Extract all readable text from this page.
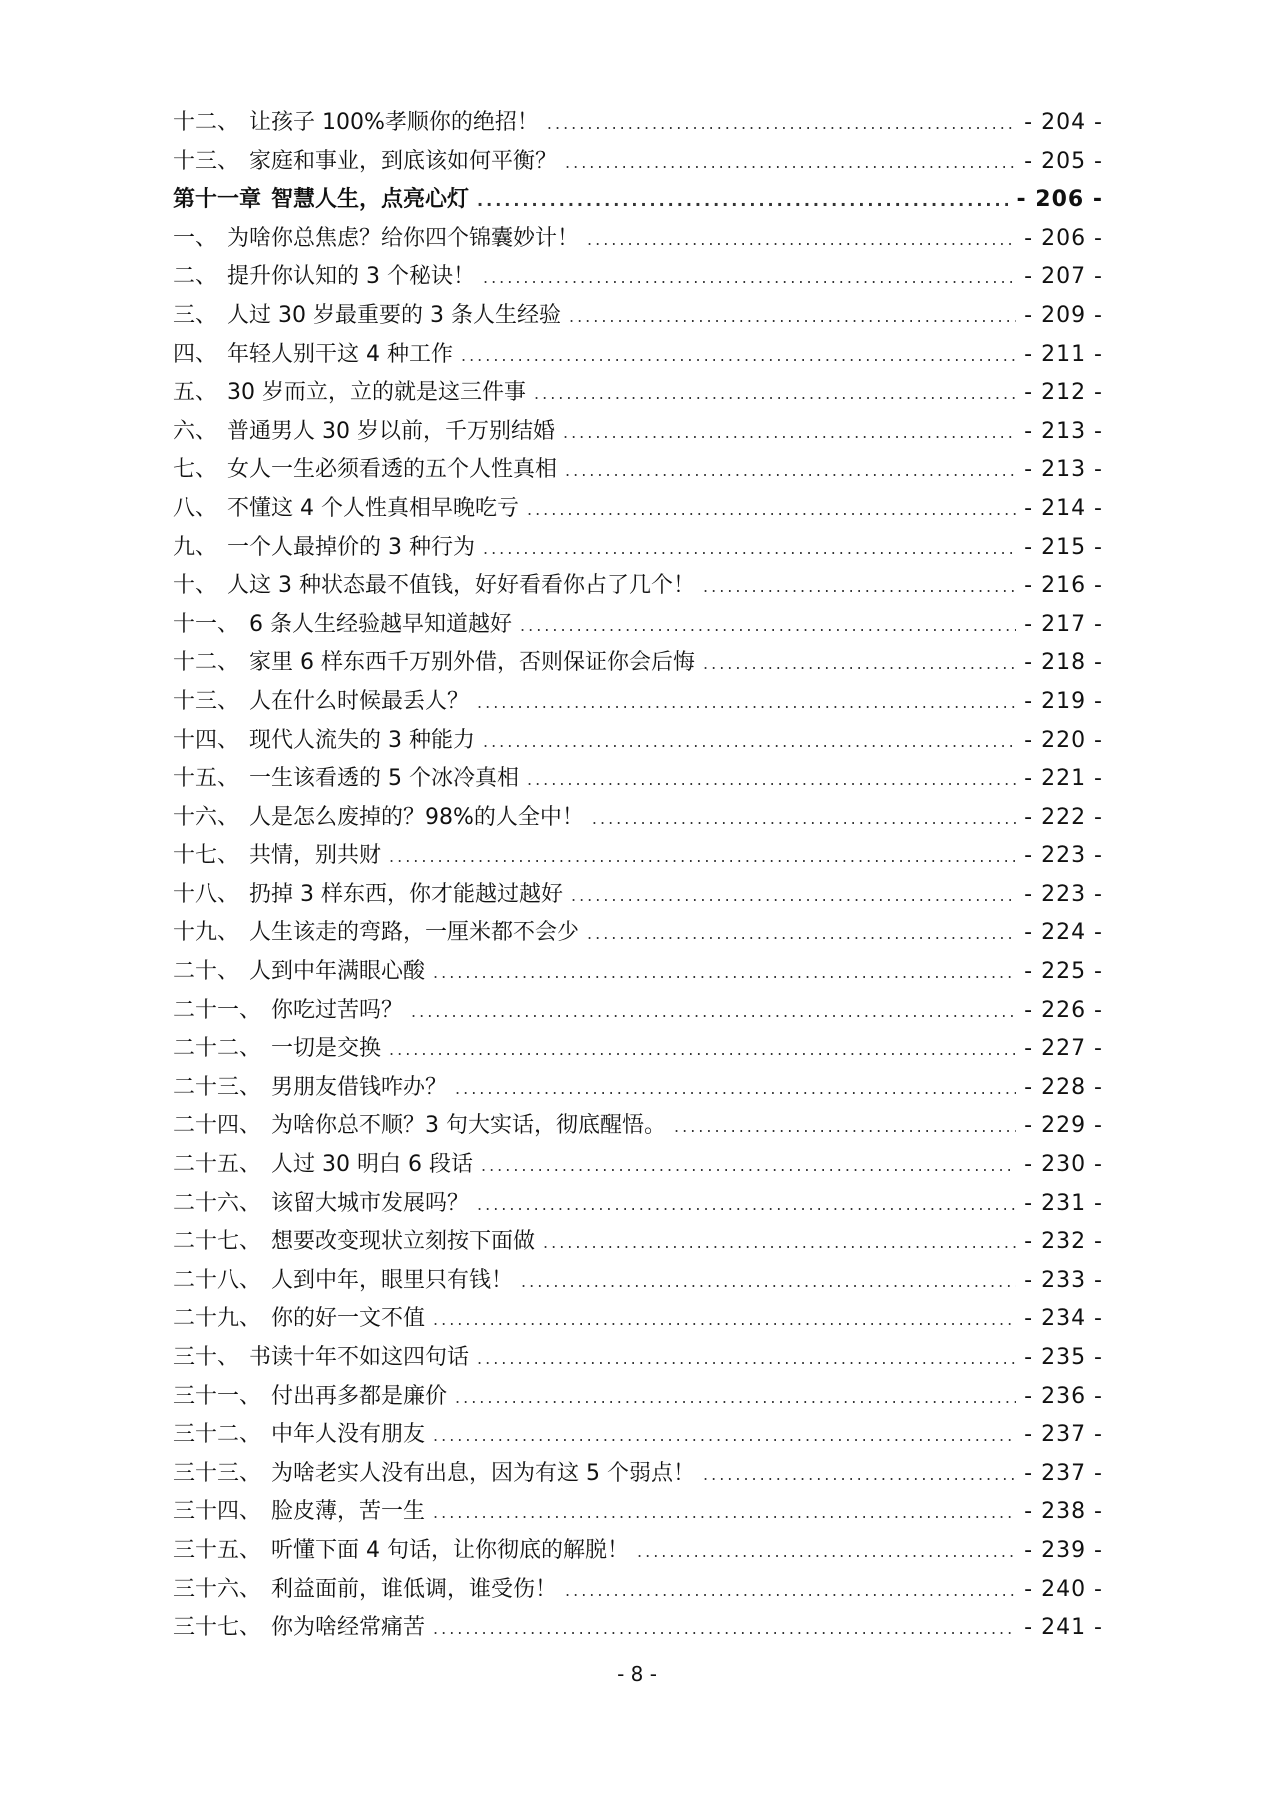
十二、 让孩子 100%孝顺你的绝招！ .....	- 204 -
十三、 家庭和事业，到底该如何平衡？ .....	- 205 -
第十一章 智慧人生，点亮心灯 .....	- 206 -
一、 为啥你总焦虑？给你四个锦囊妙计！ .....	- 206 -
二、 提升你认知的 3 个秘诀！ .....	- 207 -
三、 人过 30 岁最重要的 3 条人生经验 .....	- 209 -
四、 年轻人别干这 4 种工作 .....	- 211 -
五、 30 岁而立，立的就是这三件事 .....	- 212 -
六、 普通男人 30 岁以前，千万别结婚 .....	- 213 -
七、 女人一生必须看透的五个人性真相 .....	- 213 -
八、 不懂这 4 个人性真相早晚吃亏 .....	- 214 -
九、 一个人最掉价的 3 种行为 .....	- 215 -
十、 人这 3 种状态最不值钱，好好看看你占了几个！ .....	- 216 -
十一、 6 条人生经验越早知道越好 .....	- 217 -
十二、 家里 6 样东西千万别外借，否则保证你会后悔 .....	- 218 -
十三、 人在什么时候最丢人？ .....	- 219 -
十四、 现代人流失的 3 种能力 .....	- 220 -
十五、 一生该看透的 5 个冰冷真相 .....	- 221 -
十六、 人是怎么废掉的？98%的人全中！ .....	- 222 -
十七、 共情，别共财 .....	- 223 -
十八、 扔掉 3 样东西，你才能越过越好 .....	- 223 -
十九、 人生该走的弯路，一厘米都不会少 .....	- 224 -
二十、 人到中年满眼心酸 .....	- 225 -
二十一、 你吃过苦吗？ .....	- 226 -
二十二、 一切是交换 .....	- 227 -
二十三、 男朋友借钱咋办？ .....	- 228 -
二十四、 为啥你总不顺？3 句大实话，彻底醒悟。 .....	- 229 -
二十五、 人过 30 明白 6 段话 .....	- 230 -
二十六、 该留大城市发展吗？ .....	- 231 -
二十七、 想要改变现状立刻按下面做 .....	- 232 -
二十八、 人到中年，眼里只有钱！ .....	- 233 -
二十九、 你的好一文不值 .....	- 234 -
三十、 书读十年不如这四句话 .....	- 235 -
三十一、 付出再多都是廉价 .....	- 236 -
三十二、 中年人没有朋友 .....	- 237 -
三十三、 为啥老实人没有出息，因为有这 5 个弱点！ .....	- 237 -
三十四、 脸皮薄，苦一生 .....	- 238 -
三十五、 听懂下面 4 句话，让你彻底的解脱！ .....	- 239 -
三十六、 利益面前，谁低调，谁受伤！ .....	- 240 -
三十七、 你为啥经常痛苦 .....	- 241 -
- 8 -
